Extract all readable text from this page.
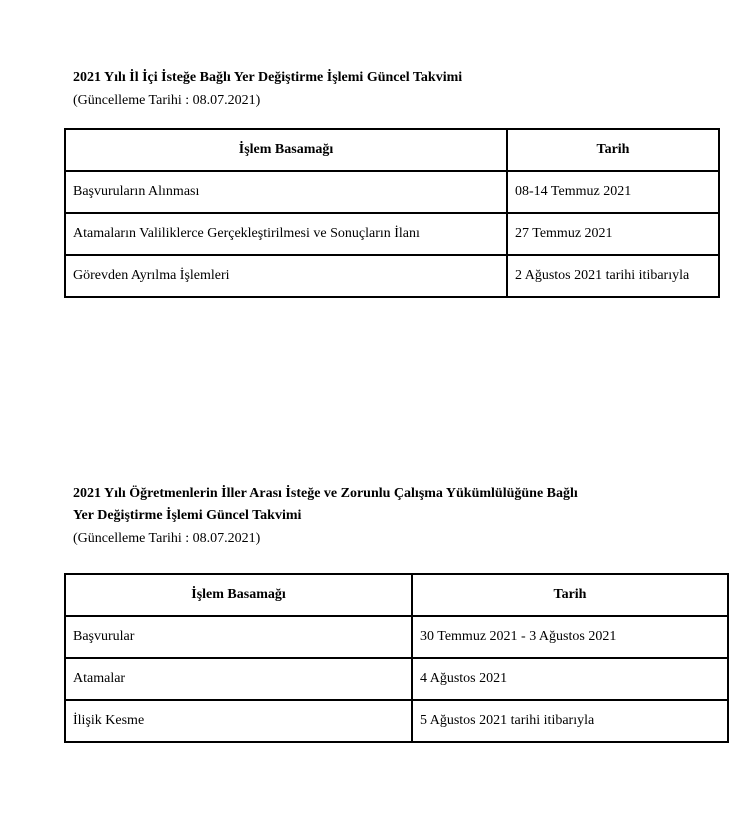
2021 Yılı İl İçi İsteğe Bağlı Yer Değiştirme İşlemi Güncel Takvimi

(Güncelleme Tarihi : 08.07.2021)

İşlem Basamağı	Tarih
Başvuruların Alınması	08-14 Temmuz 2021
Atamaların Valiliklerce Gerçekleştirilmesi ve Sonuçların İlanı	27 Temmuz 2021
Görevden Ayrılma İşlemleri	2 Ağustos 2021 tarihi itibarıyla
2021 Yılı Öğretmenlerin İller Arası İsteğe ve Zorunlu Çalışma Yükümlülüğüne Bağlı
Yer Değiştirme İşlemi Güncel Takvimi

(Güncelleme Tarihi : 08.07.2021)

İşlem Basamağı	Tarih
Başvurular	30 Temmuz 2021 - 3 Ağustos 2021
Atamalar	4 Ağustos 2021
İlişik Kesme	5 Ağustos 2021 tarihi itibarıyla
